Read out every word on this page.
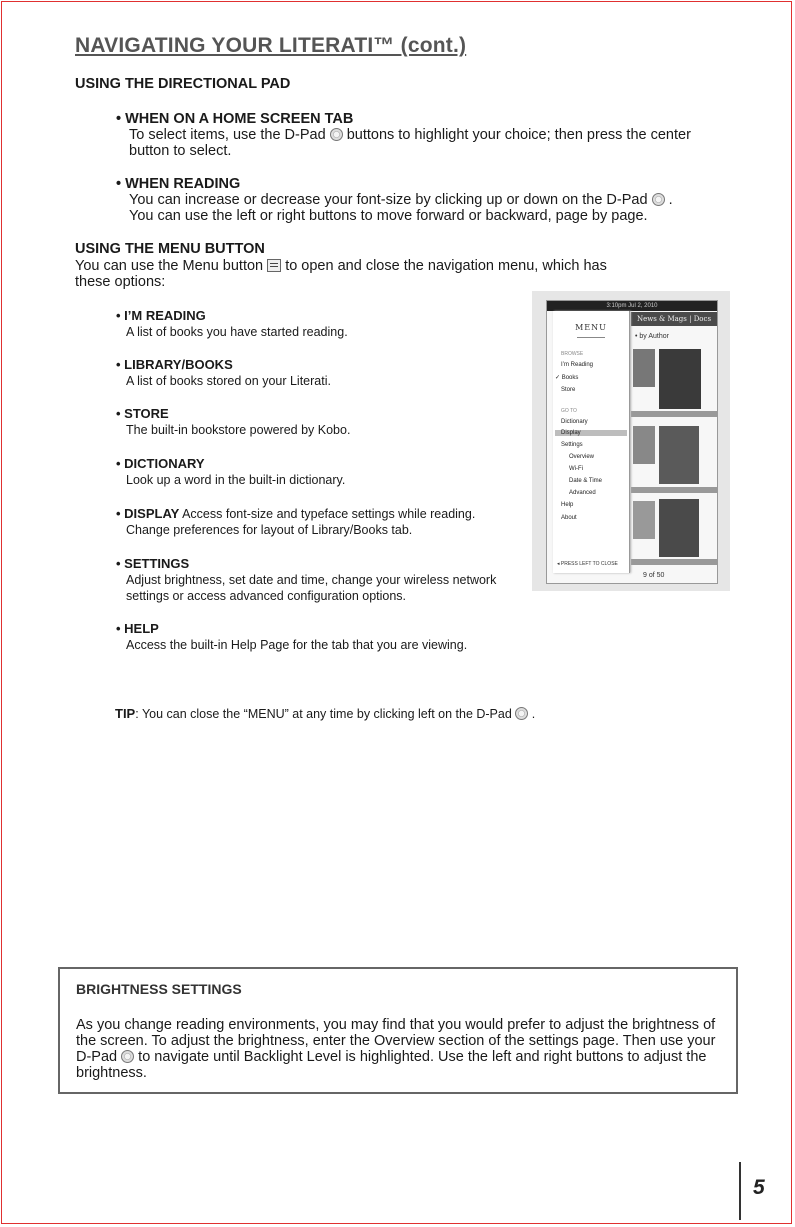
NAVIGATING YOUR LITERATI™ (cont.)
USING THE DIRECTIONAL PAD
• WHEN ON A HOME SCREEN TAB
To select items, use the D-Pad buttons to highlight your choice; then press the center
button to select.
• WHEN READING
You can increase or decrease your font-size by clicking up or down on the D-Pad .
You can use the left or right buttons to move forward or backward, page by page.
USING THE MENU BUTTON
You can use the Menu button to open and close the navigation menu, which has
these options:
• I’M READING
A list of books you have started reading.
• LIBRARY/BOOKS
A list of books stored on your Literati.
• STORE
The built-in bookstore powered by Kobo.
• DICTIONARY
Look up a word in the built-in dictionary.
• DISPLAY Access font-size and typeface settings while reading.
Change preferences for layout of Library/Books tab.
• SETTINGS
Adjust brightness, set date and time, change your wireless network
settings or access advanced configuration options.
• HELP
Access the built-in Help Page for the tab that you are viewing.
TIP: You can close the “MENU” at any time by clicking left on the D-Pad .
3:10pm Jul 2, 2010
News & Mags | Docs
• by Author
MENU
BROWSE
I’m Reading
✓ Books
Store
GO TO
Dictionary
Display
Settings
Overview
Wi-Fi
Date & Time
Advanced
Help
About
◂ PRESS LEFT TO CLOSE
9 of 50
BRIGHTNESS SETTINGS

As you change reading environments, you may find that you would prefer to adjust the brightness of the screen. To adjust the brightness, enter the Overview section of the settings page. Then use your D-Pad  to navigate until Backlight Level is highlighted. Use the left and right buttons to adjust the brightness.

5
